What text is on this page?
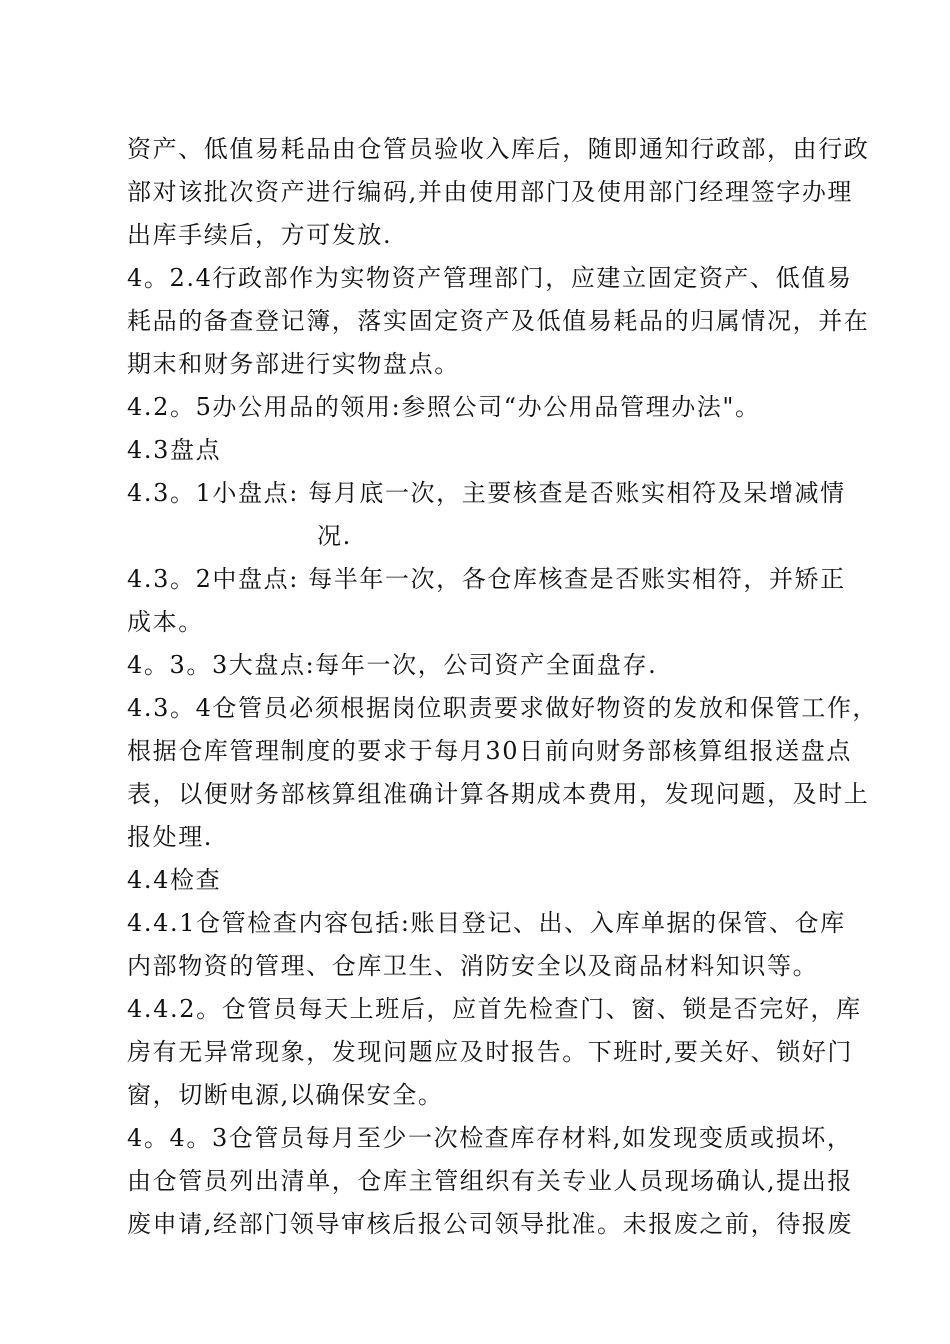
资产、低值易耗品由仓管员验收入库后，随即通知行政部，由行政
部对该批次资产进行编码,并由使用部门及使用部门经理签字办理
出库手续后，方可发放.
4。2.4行政部作为实物资产管理部门，应建立固定资产、低值易
耗品的备查登记簿，落实固定资产及低值易耗品的归属情况，并在
期末和财务部进行实物盘点。
4.2。5办公用品的领用:参照公司“办公用品管理办法"。
4.3盘点
4.3。1小盘点: 每月底一次，主要核查是否账实相符及呆增减情
况.
4.3。2中盘点: 每半年一次，各仓库核查是否账实相符，并矫正
成本。
4。3。3大盘点:每年一次，公司资产全面盘存.
4.3。4仓管员必须根据岗位职责要求做好物资的发放和保管工作，
根据仓库管理制度的要求于每月30日前向财务部核算组报送盘点
表，以便财务部核算组准确计算各期成本费用，发现问题，及时上
报处理.
4.4检查
4.4.1仓管检查内容包括:账目登记、出、入库单据的保管、仓库
内部物资的管理、仓库卫生、消防安全以及商品材料知识等。
4.4.2。仓管员每天上班后，应首先检查门、窗、锁是否完好，库
房有无异常现象，发现问题应及时报告。下班时,要关好、锁好门
窗，切断电源,以确保安全。
4。4。3仓管员每月至少一次检查库存材料,如发现变质或损坏，
由仓管员列出清单，仓库主管组织有关专业人员现场确认,提出报
废申请,经部门领导审核后报公司领导批准。未报废之前，待报废
